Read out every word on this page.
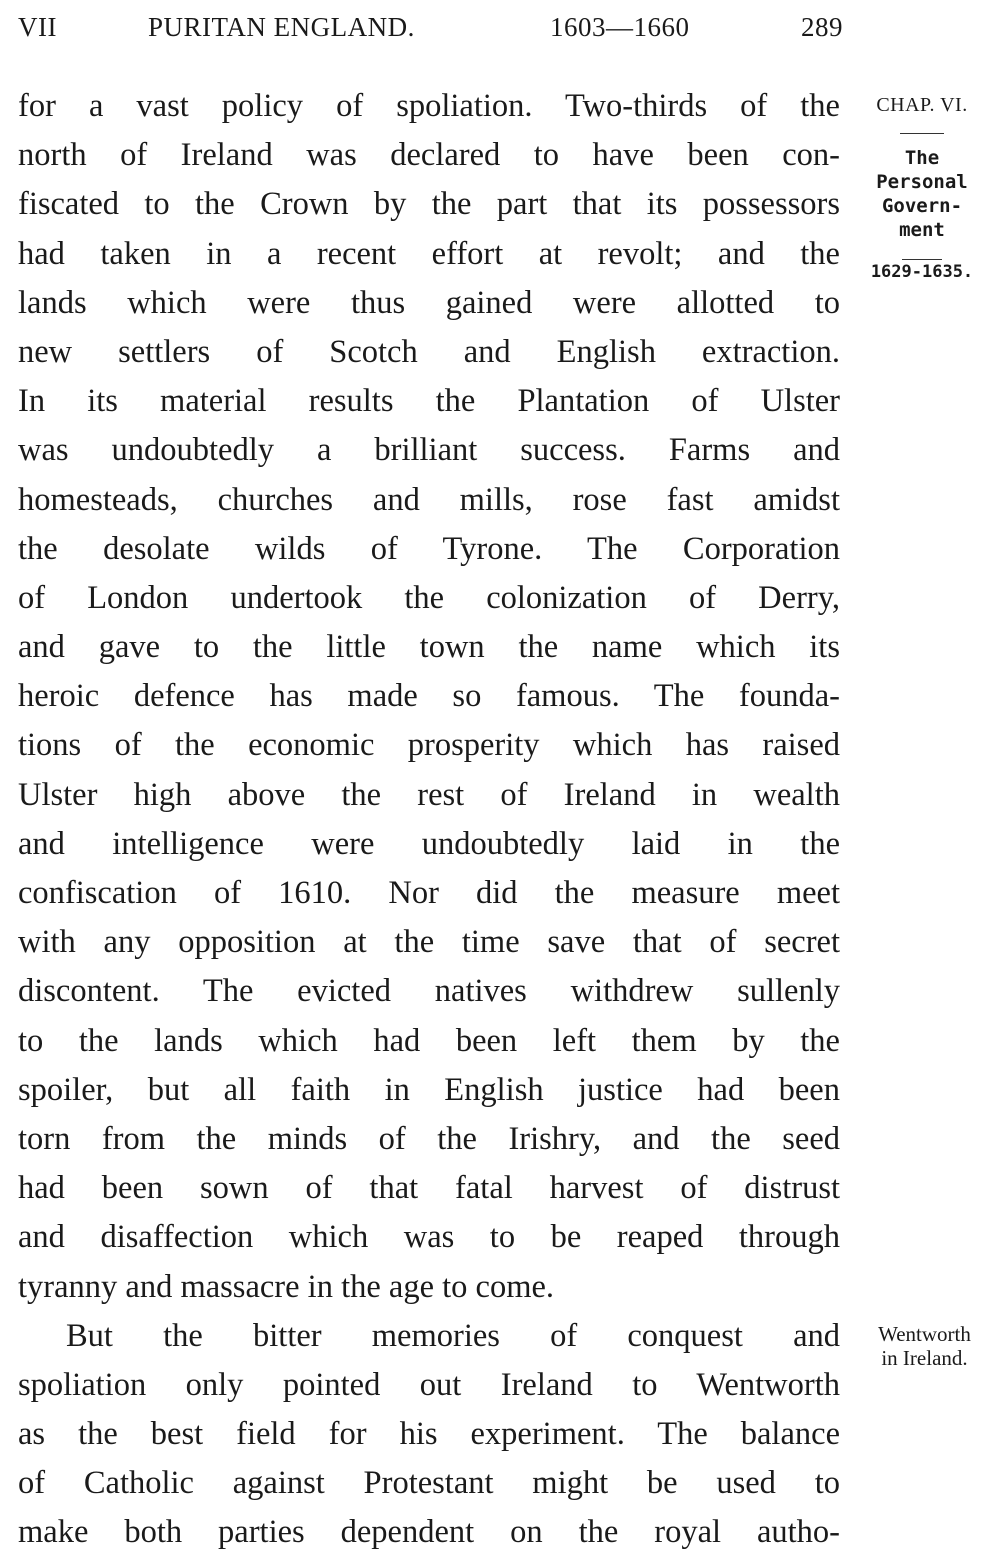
VII	PURITAN ENGLAND.	1603—1660	289
for a vast policy of spoliation. Two-thirds of the
north of Ireland was declared to have been con-
fiscated to the Crown by the part that its possessors
had taken in a recent effort at revolt; and the
lands which were thus gained were allotted to
new settlers of Scotch and English extraction.
In its material results the Plantation of Ulster
was undoubtedly a brilliant success. Farms and
homesteads, churches and mills, rose fast amidst
the desolate wilds of Tyrone. The Corporation
of London undertook the colonization of Derry,
and gave to the little town the name which its
heroic defence has made so famous. The founda-
tions of the economic prosperity which has raised
Ulster high above the rest of Ireland in wealth
and intelligence were undoubtedly laid in the
confiscation of 1610. Nor did the measure meet
with any opposition at the time save that of secret
discontent. The evicted natives withdrew sullenly
to the lands which had been left them by the
spoiler, but all faith in English justice had been
torn from the minds of the Irishry, and the seed
had been sown of that fatal harvest of distrust
and disaffection which was to be reaped through
tyranny and massacre in the age to come.
But the bitter memories of conquest and
spoliation only pointed out Ireland to Wentworth
as the best field for his experiment. The balance
of Catholic against Protestant might be used to
make both parties dependent on the royal autho-
CHAP. VI.
The
Personal
Govern-
ment
1629-1635.
Wentworth
in Ireland.
